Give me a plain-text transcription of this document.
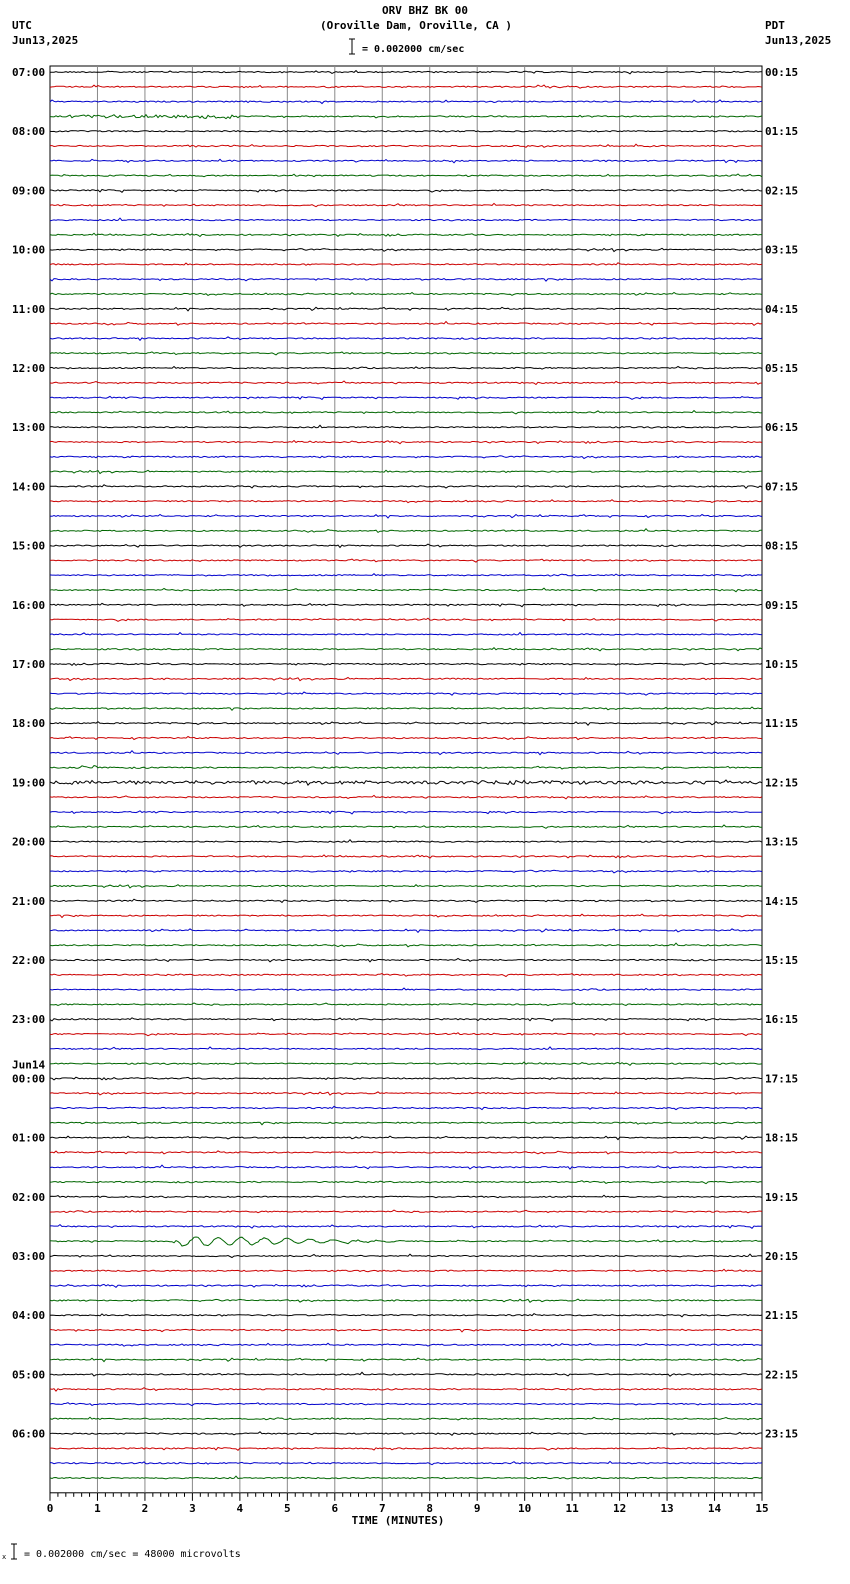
ORV BHZ BK 00
(Oroville Dam, Oroville, CA )
UTC
Jun13,2025
PDT
Jun13,2025
= 0.002000 cm/sec
0	1	2	3	4	5	6	7	8	9	10	11	12	13	14	15
TIME (MINUTES)
07:00	00:15
08:00	01:15
09:00	02:15
10:00	03:15
11:00	04:15
12:00	05:15
13:00	06:15
14:00	07:15
15:00	08:15
16:00	09:15
17:00	10:15
18:00	11:15
19:00	12:15
20:00	13:15
21:00	14:15
22:00	15:15
23:00	16:15
00:00	17:15
Jun14
01:00	18:15
02:00	19:15
03:00	20:15
04:00	21:15
05:00	22:15
06:00	23:15
x = 0.002000 cm/sec = 48000 microvolts
